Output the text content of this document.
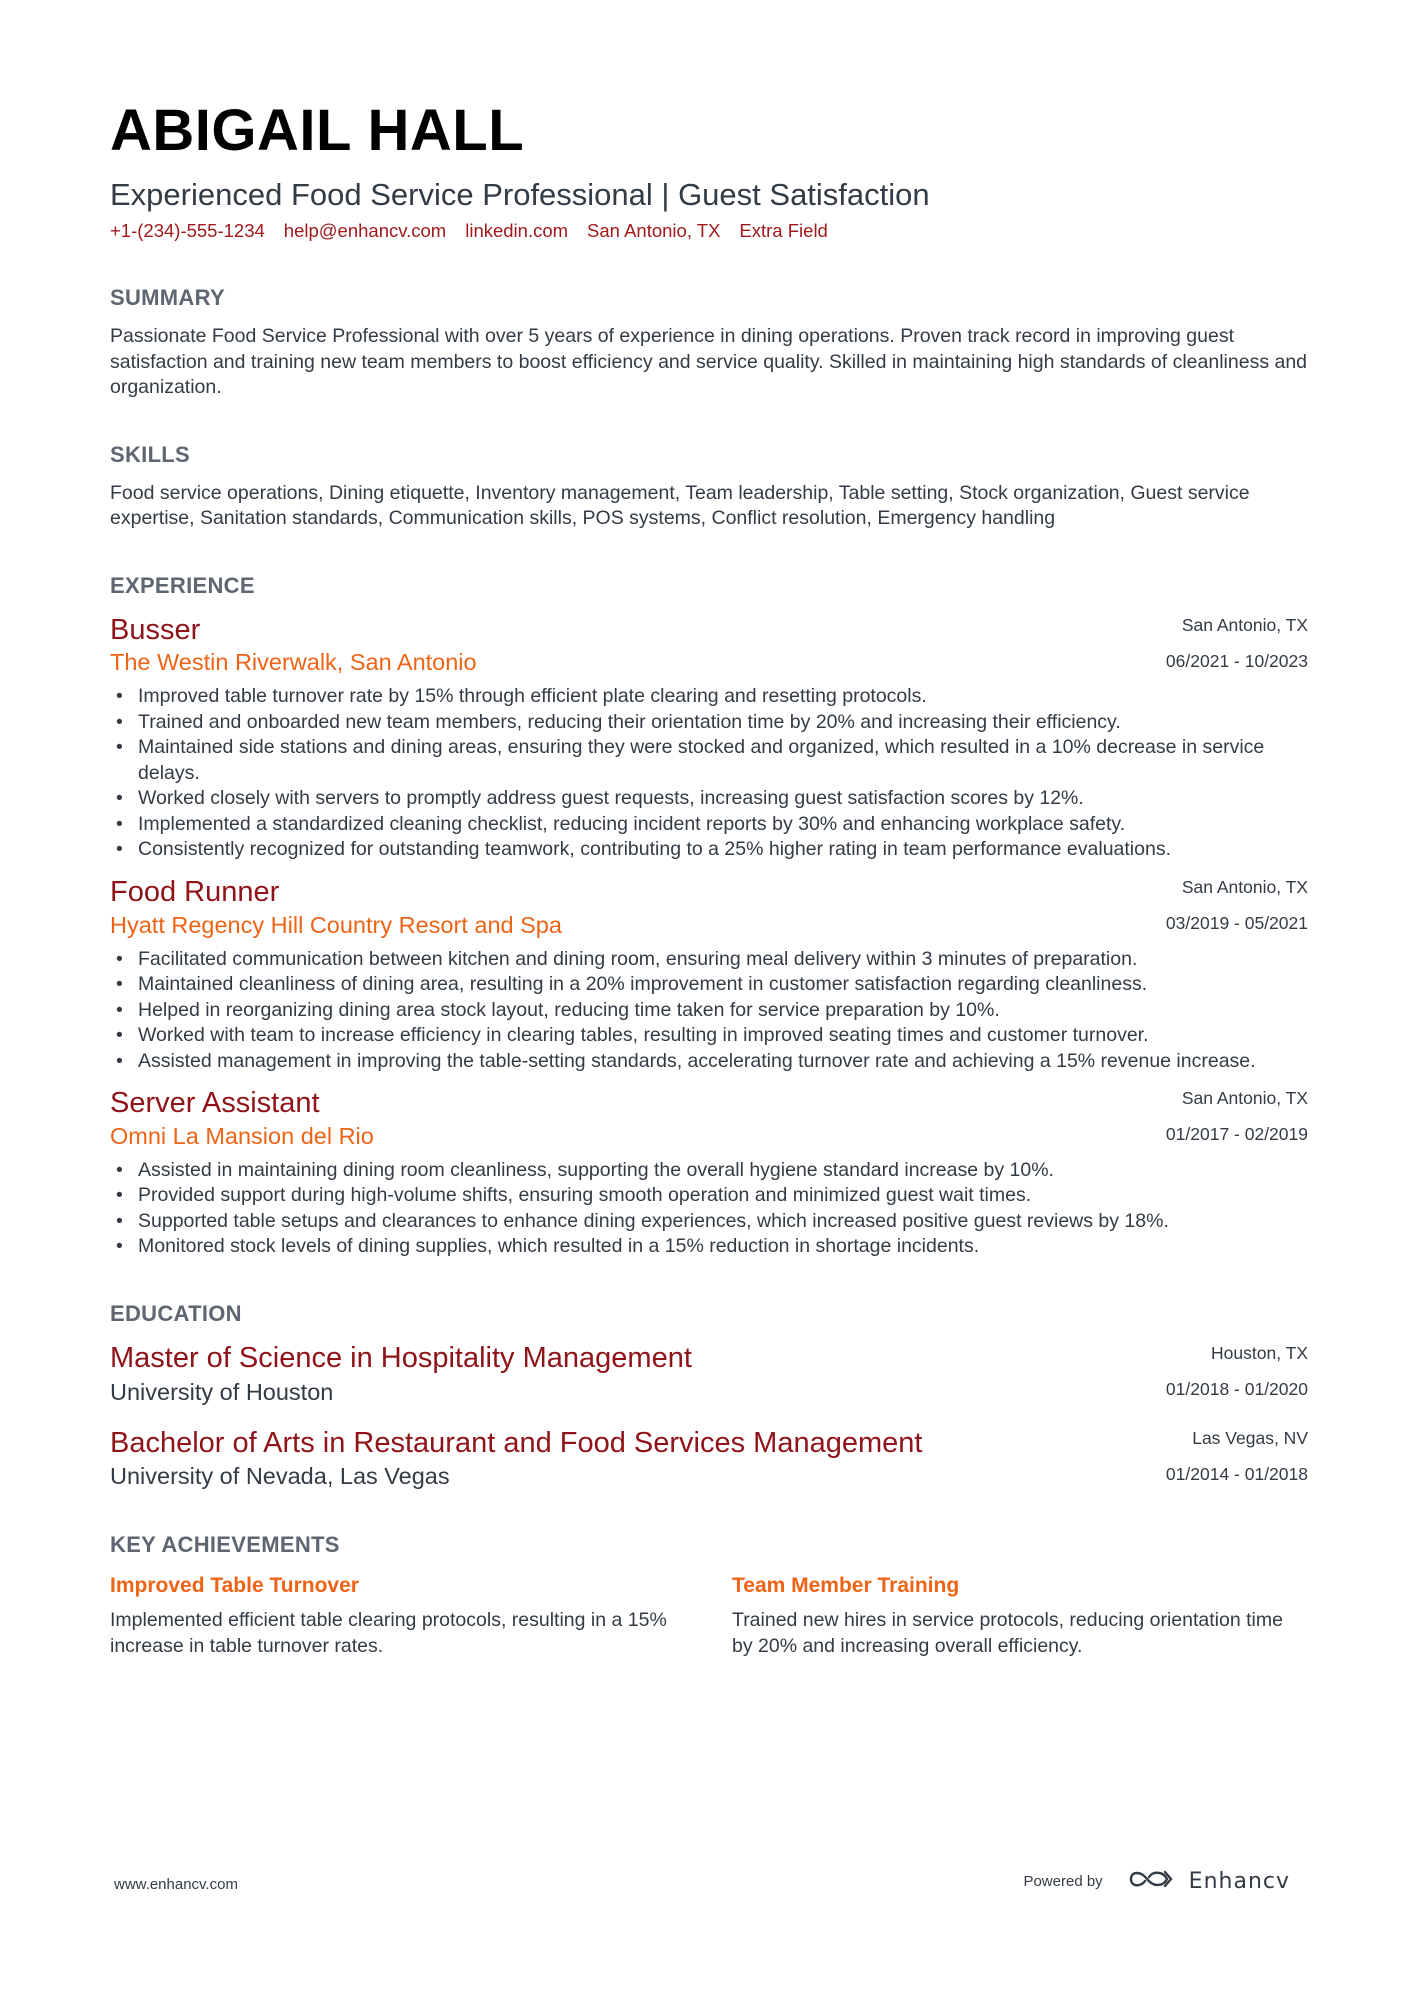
ABIGAIL HALL
Experienced Food Service Professional | Guest Satisfaction
+1-(234)-555-1234 help@enhancv.com linkedin.com San Antonio, TX Extra Field
SUMMARY
Passionate Food Service Professional with over 5 years of experience in dining operations. Proven track record in improving guest satisfaction and training new team members to boost efficiency and service quality. Skilled in maintaining high standards of cleanliness and organization.
SKILLS
Food service operations, Dining etiquette, Inventory management, Team leadership, Table setting, Stock organization, Guest service expertise, Sanitation standards, Communication skills, POS systems, Conflict resolution, Emergency handling
EXPERIENCE
San Antonio, TX
06/2021 - 10/2023
Busser
The Westin Riverwalk, San Antonio
• Improved table turnover rate by 15% through efficient plate clearing and resetting protocols.
• Trained and onboarded new team members, reducing their orientation time by 20% and increasing their efficiency.
• Maintained side stations and dining areas, ensuring they were stocked and organized, which resulted in a 10% decrease in service delays.
• Worked closely with servers to promptly address guest requests, increasing guest satisfaction scores by 12%.
• Implemented a standardized cleaning checklist, reducing incident reports by 30% and enhancing workplace safety.
• Consistently recognized for outstanding teamwork, contributing to a 25% higher rating in team performance evaluations.
San Antonio, TX
03/2019 - 05/2021
Food Runner
Hyatt Regency Hill Country Resort and Spa
• Facilitated communication between kitchen and dining room, ensuring meal delivery within 3 minutes of preparation.
• Maintained cleanliness of dining area, resulting in a 20% improvement in customer satisfaction regarding cleanliness.
• Helped in reorganizing dining area stock layout, reducing time taken for service preparation by 10%.
• Worked with team to increase efficiency in clearing tables, resulting in improved seating times and customer turnover.
• Assisted management in improving the table-setting standards, accelerating turnover rate and achieving a 15% revenue increase.
San Antonio, TX
01/2017 - 02/2019
Server Assistant
Omni La Mansion del Rio
• Assisted in maintaining dining room cleanliness, supporting the overall hygiene standard increase by 10%.
• Provided support during high-volume shifts, ensuring smooth operation and minimized guest wait times.
• Supported table setups and clearances to enhance dining experiences, which increased positive guest reviews by 18%.
• Monitored stock levels of dining supplies, which resulted in a 15% reduction in shortage incidents.
EDUCATION
Houston, TX
01/2018 - 01/2020
Master of Science in Hospitality Management
University of Houston
Las Vegas, NV
01/2014 - 01/2018
Bachelor of Arts in Restaurant and Food Services Management
University of Nevada, Las Vegas
KEY ACHIEVEMENTS
Improved Table Turnover
Implemented efficient table clearing protocols, resulting in a 15% increase in table turnover rates.
Team Member Training
Trained new hires in service protocols, reducing orientation time by 20% and increasing overall efficiency.
www.enhancv.com	Powered by	Enhancv
